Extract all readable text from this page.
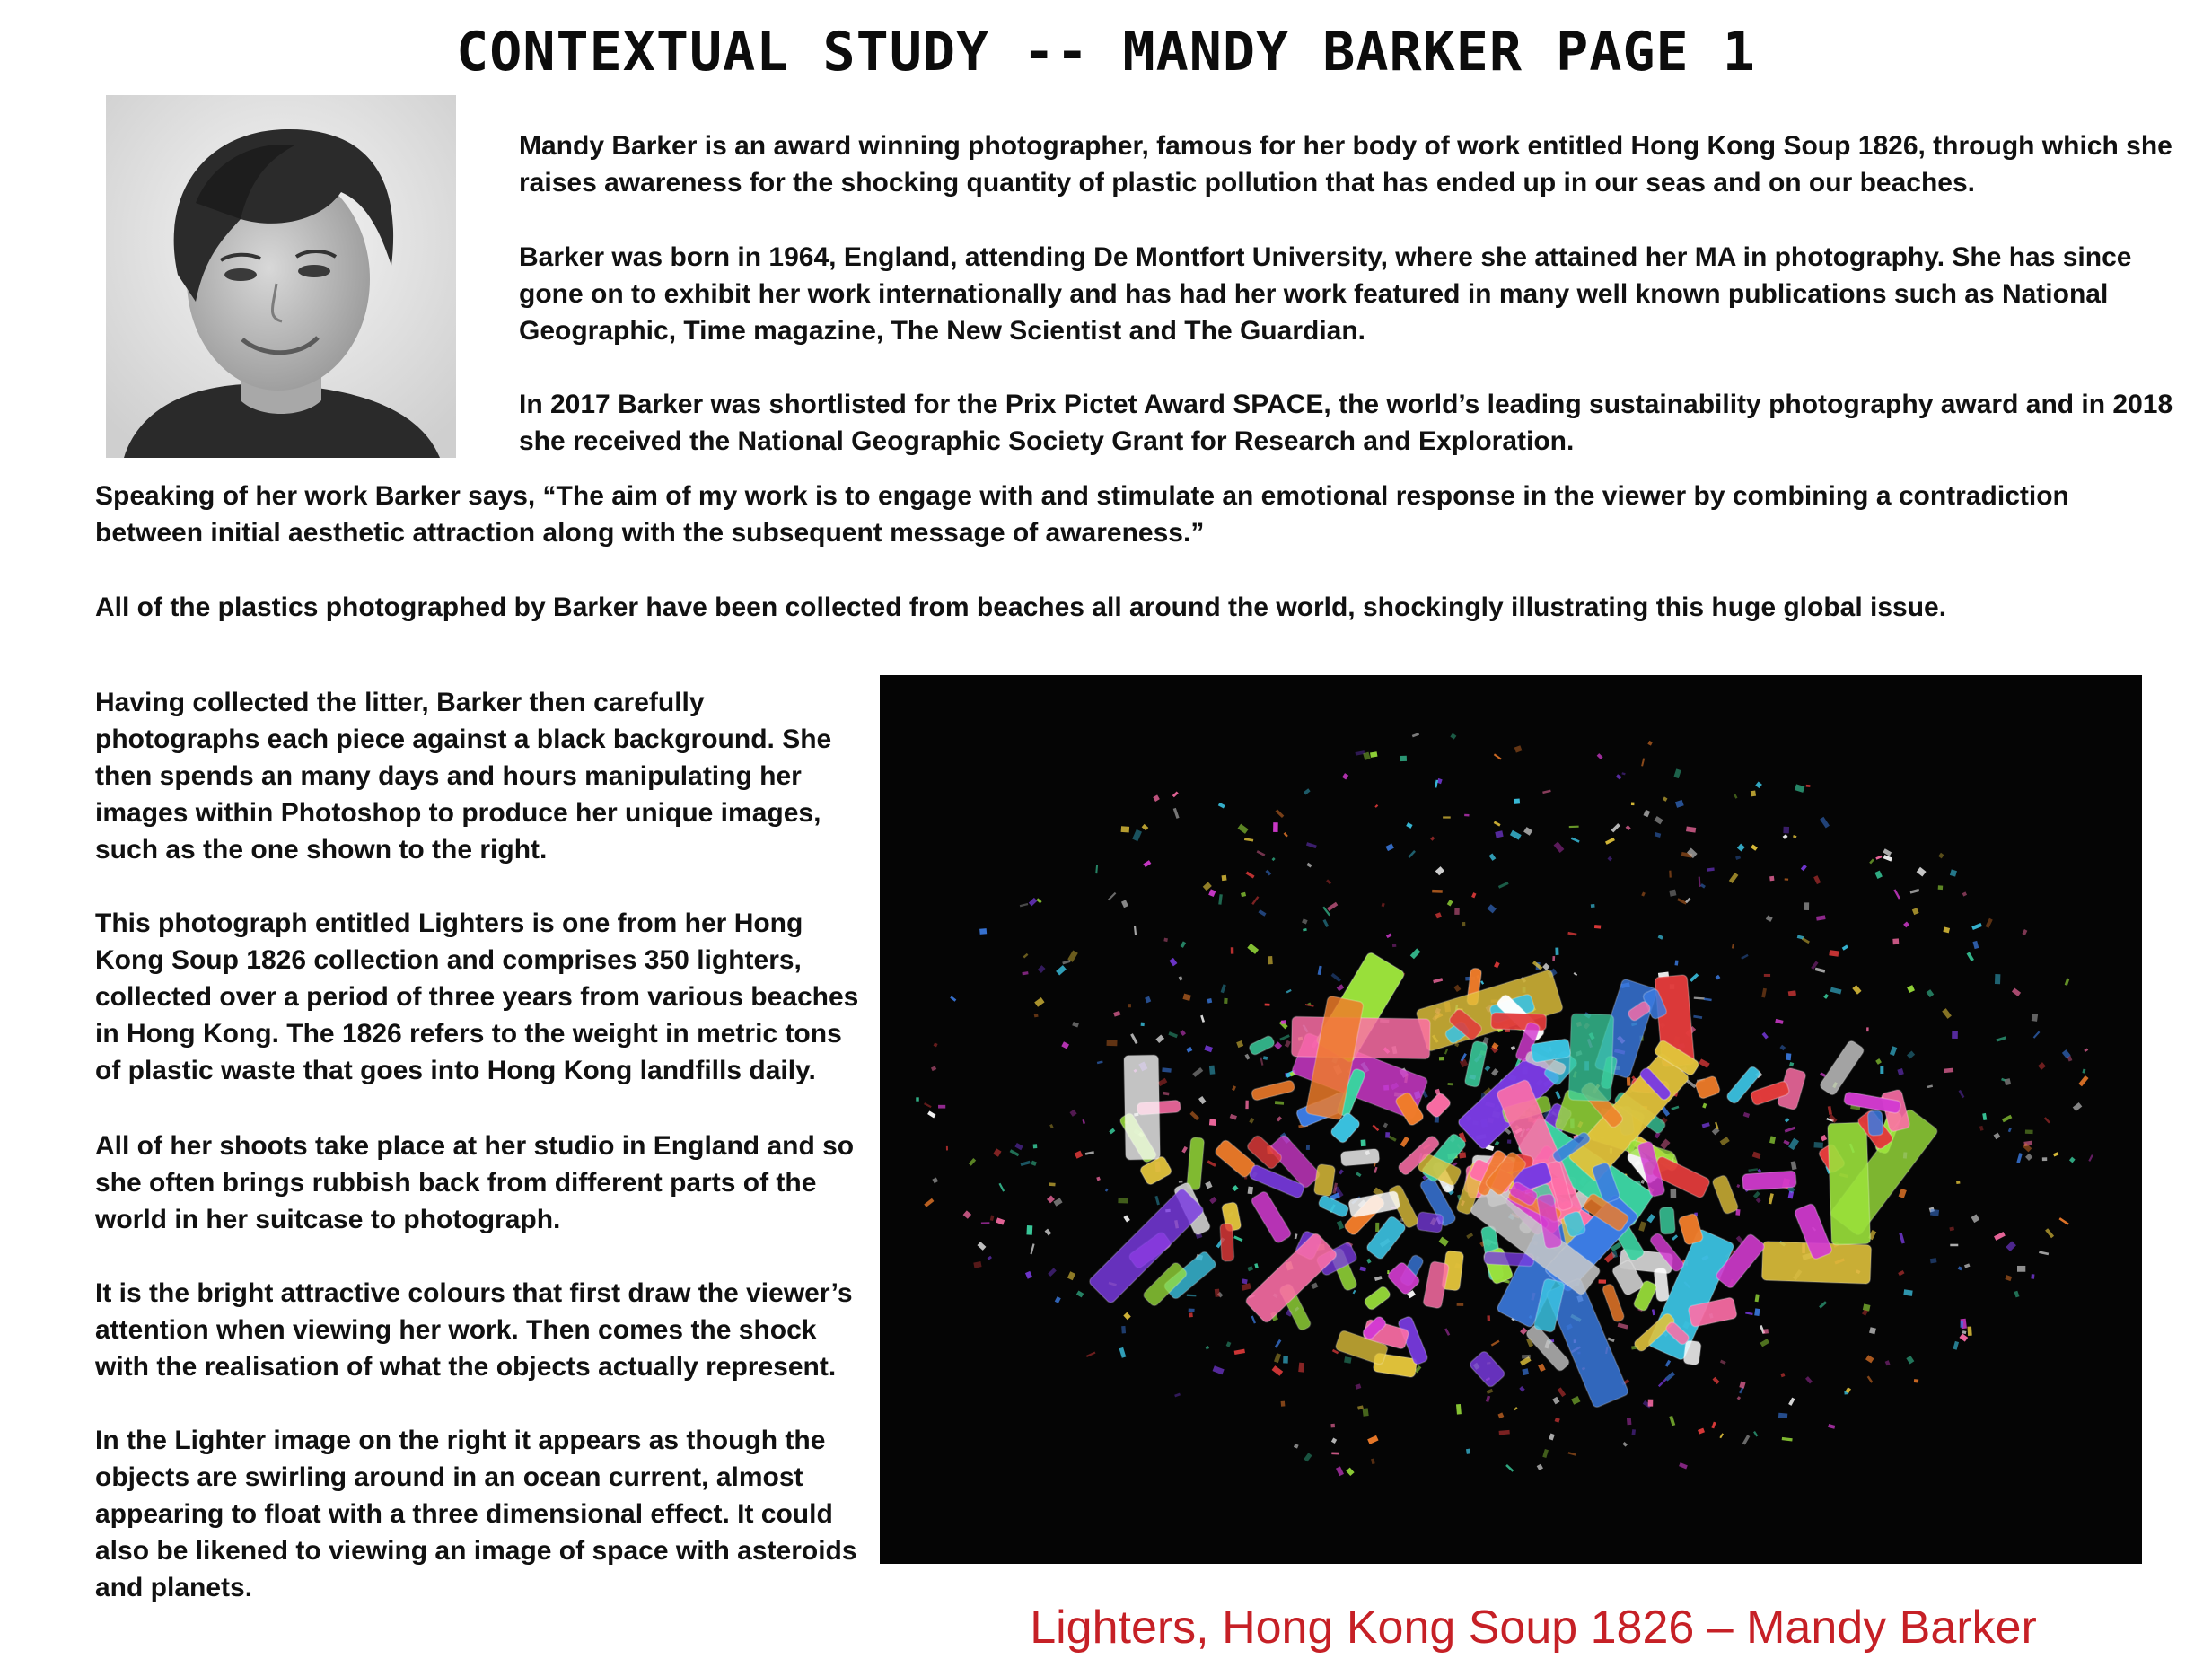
CONTEXTUAL STUDY -- MANDY BARKER PAGE 1

Mandy Barker is an award winning photographer, famous for her body of work entitled Hong Kong Soup 1826, through which she raises awareness for the shocking quantity of plastic pollution that has ended up in our seas and on our beaches.

Barker was born in 1964, England, attending De Montfort University, where she attained her MA in photography. She has since gone on to exhibit her work internationally and has had her work featured in many well known publications such as National Geographic, Time magazine, The New Scientist and The Guardian.

In 2017 Barker was shortlisted for the Prix Pictet Award SPACE, the world’s leading sustainability photography award and in 2018 she received the National Geographic Society Grant for Research and Exploration.

Speaking of her work Barker says, “The aim of my work is to engage with and stimulate an emotional response in the viewer by combining a contradiction between initial aesthetic attraction along with the subsequent message of awareness.”

All of the plastics photographed by Barker have been collected from beaches all around the world, shockingly illustrating this huge global issue.

Having collected the litter, Barker then carefully photographs each piece against a black background. She then spends an many days and hours manipulating her images within Photoshop to produce her unique images, such as the one shown to the right.

This photograph entitled Lighters is one from her Hong Kong Soup 1826 collection and comprises 350 lighters, collected over a period of three years from various beaches in Hong Kong. The 1826 refers to the weight in metric tons of plastic waste that goes into Hong Kong landfills daily.

All of her shoots take place at her studio in England and so she often brings rubbish back from different parts of the world in her suitcase to photograph.

It is the bright attractive colours that first draw the viewer’s attention when viewing her work. Then comes the shock with the realisation of what the objects actually represent.

In the Lighter image on the right it appears as though the objects are swirling around in an ocean current, almost appearing to float with a three dimensional effect. It could also be likened to viewing an image of space with asteroids and planets.

Lighters, Hong Kong Soup 1826 – Mandy Barker
